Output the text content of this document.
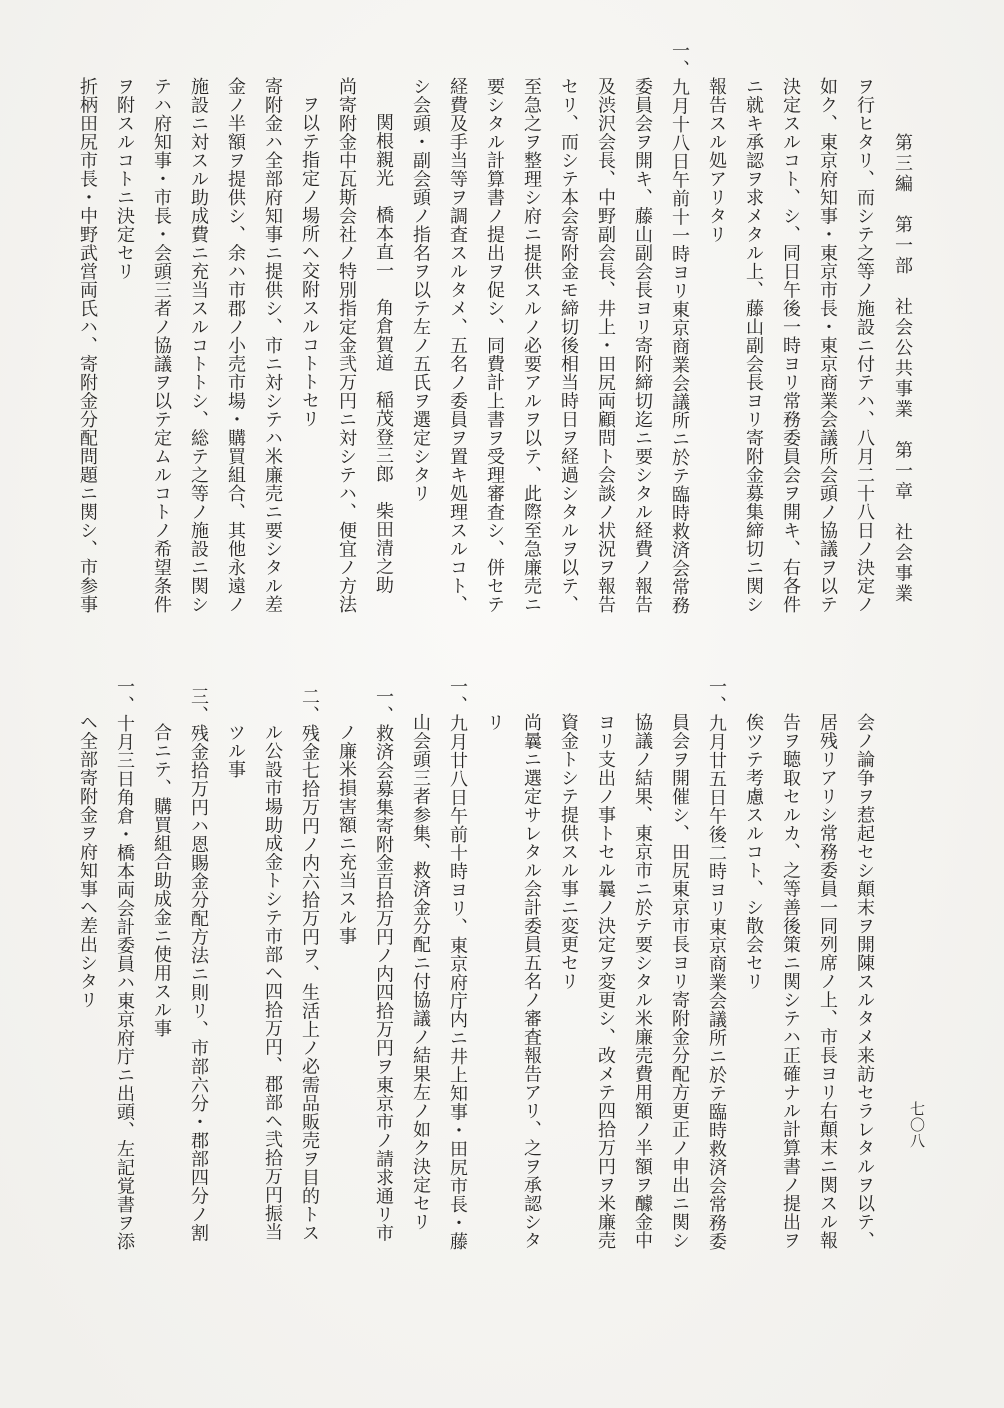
第三編　第一部　社会公共事業　第一章　社会事業
ヲ行ヒタリ、而シテ之等ノ施設ニ付テハ、八月二十八日ノ決定ノ
如ク、東京府知事・東京市長・東京商業会議所会頭ノ協議ヲ以テ
決定スルコト、シ、同日午後一時ヨリ常務委員会ヲ開キ、右各件
ニ就キ承認ヲ求メタル上、藤山副会長ヨリ寄附金募集締切ニ関シ
報告スル処アリタリ
一、九月十八日午前十一時ヨリ東京商業会議所ニ於テ臨時救済会常務
委員会ヲ開キ、藤山副会長ヨリ寄附締切迄ニ要シタル経費ノ報告
及渋沢会長、中野副会長、井上・田尻両顧問ト会談ノ状況ヲ報告
セリ、而シテ本会寄附金モ締切後相当時日ヲ経過シタルヲ以テ、
至急之ヲ整理シ府ニ提供スルノ必要アルヲ以テ、此際至急廉売ニ
要シタル計算書ノ提出ヲ促シ、同費計上書ヲ受理審査シ、併セテ
経費及手当等ヲ調査スルタメ、五名ノ委員ヲ置キ処理スルコト、
シ会頭・副会頭ノ指名ヲ以テ左ノ五氏ヲ選定シタリ
関根親光　橋本直一　角倉賀道　稲茂登三郎　柴田清之助
尚寄附金中瓦斯会社ノ特別指定金弐万円ニ対シテハ、便宜ノ方法
ヲ以テ指定ノ場所ヘ交附スルコトトセリ
寄附金ハ全部府知事ニ提供シ、市ニ対シテハ米廉売ニ要シタル差
金ノ半額ヲ提供シ、余ハ市郡ノ小売市場・購買組合、其他永遠ノ
施設ニ対スル助成費ニ充当スルコトトシ、総テ之等ノ施設ニ関シ
テハ府知事・市長・会頭三者ノ協議ヲ以テ定ムルコトノ希望条件
ヲ附スルコトニ決定セリ
折柄田尻市長・中野武営両氏ハ、寄附金分配問題ニ関シ、市参事
会ノ論争ヲ惹起セシ顛末ヲ開陳スルタメ来訪セラレタルヲ以テ、
居残リアリシ常務委員一同列席ノ上、市長ヨリ右顛末ニ関スル報
告ヲ聴取セルカ、之等善後策ニ関シテハ正確ナル計算書ノ提出ヲ
俟ツテ考慮スルコト、シ散会セリ
一、九月廿五日午後二時ヨリ東京商業会議所ニ於テ臨時救済会常務委
員会ヲ開催シ、田尻東京市長ヨリ寄附金分配方更正ノ申出ニ関シ
協議ノ結果、東京市ニ於テ要シタル米廉売費用額ノ半額ヲ醵金中
ヨリ支出ノ事トセル曩ノ決定ヲ変更シ、改メテ四拾万円ヲ米廉売
資金トシテ提供スル事ニ変更セリ
尚曩ニ選定サレタル会計委員五名ノ審査報告アリ、之ヲ承認シタ
リ
一、九月廿八日午前十時ヨリ、東京府庁内ニ井上知事・田尻市長・藤
山会頭三者参集、救済金分配ニ付協議ノ結果左ノ如ク決定セリ
一、救済会募集寄附金百拾万円ノ内四拾万円ヲ東京市ノ請求通リ市
ノ廉米損害額ニ充当スル事
二、残金七拾万円ノ内六拾万円ヲ、生活上ノ必需品販売ヲ目的トス
ル公設市場助成金トシテ市部ヘ四拾万円、郡部ヘ弐拾万円振当
ツル事
三、残金拾万円ハ恩賜金分配方法ニ則リ、市部六分・郡部四分ノ割
合ニテ、購買組合助成金ニ使用スル事
一、十月三日角倉・橋本両会計委員ハ東京府庁ニ出頭、左記覚書ヲ添
ヘ全部寄附金ヲ府知事ヘ差出シタリ
七〇八
